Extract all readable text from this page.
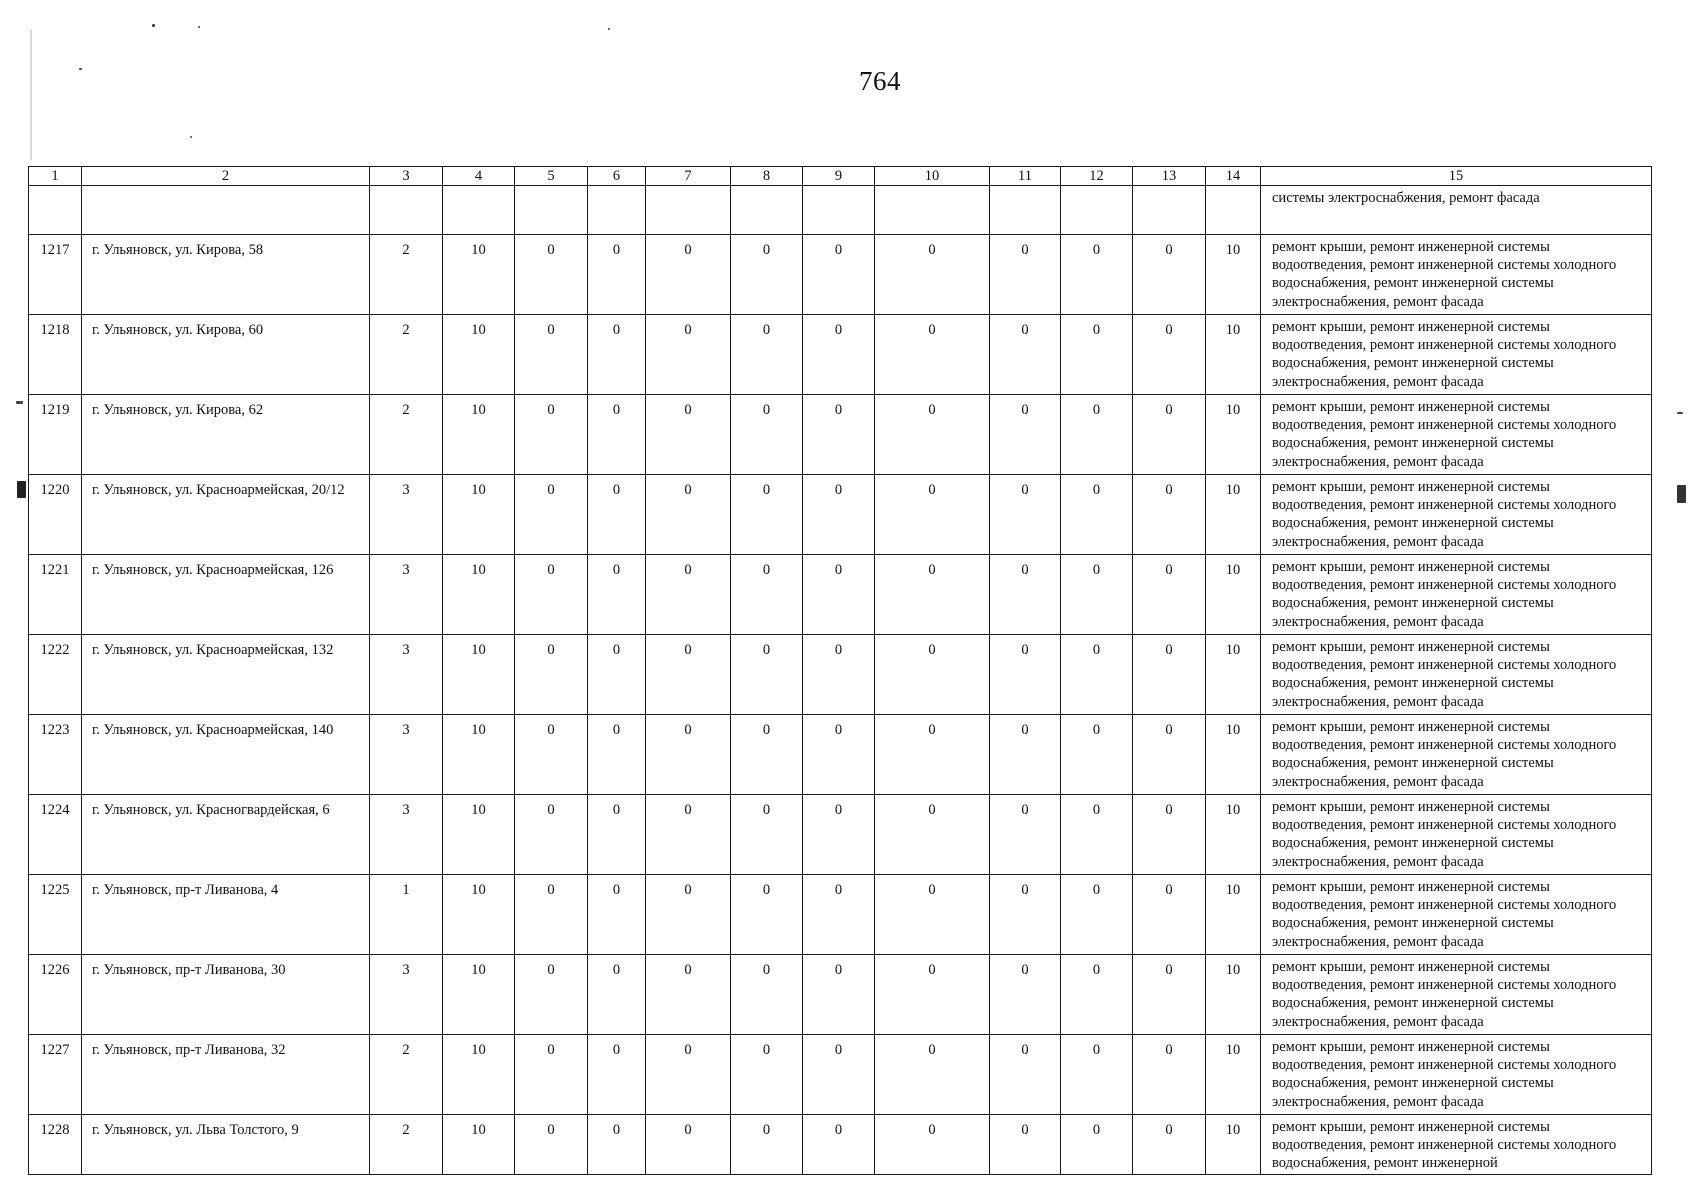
764
1	2	3	4	5	6	7	8	9	10	11	12	13	14	15
														системы электроснабжения, ремонт фасада
1217	г. Ульяновск, ул. Кирова, 58	2	10	0	0	0	0	0	0	0	0	0	10	ремонт крыши, ремонт инженерной системы водоотведения, ремонт инженерной системы холодного водоснабжения, ремонт инженерной системы электроснабжения, ремонт фасада
1218	г. Ульяновск, ул. Кирова, 60	2	10	0	0	0	0	0	0	0	0	0	10	ремонт крыши, ремонт инженерной системы водоотведения, ремонт инженерной системы холодного водоснабжения, ремонт инженерной системы электроснабжения, ремонт фасада
1219	г. Ульяновск, ул. Кирова, 62	2	10	0	0	0	0	0	0	0	0	0	10	ремонт крыши, ремонт инженерной системы водоотведения, ремонт инженерной системы холодного водоснабжения, ремонт инженерной системы электроснабжения, ремонт фасада
1220	г. Ульяновск, ул. Красноармейская, 20/12	3	10	0	0	0	0	0	0	0	0	0	10	ремонт крыши, ремонт инженерной системы водоотведения, ремонт инженерной системы холодного водоснабжения, ремонт инженерной системы электроснабжения, ремонт фасада
1221	г. Ульяновск, ул. Красноармейская, 126	3	10	0	0	0	0	0	0	0	0	0	10	ремонт крыши, ремонт инженерной системы водоотведения, ремонт инженерной системы холодного водоснабжения, ремонт инженерной системы электроснабжения, ремонт фасада
1222	г. Ульяновск, ул. Красноармейская, 132	3	10	0	0	0	0	0	0	0	0	0	10	ремонт крыши, ремонт инженерной системы водоотведения, ремонт инженерной системы холодного водоснабжения, ремонт инженерной системы электроснабжения, ремонт фасада
1223	г. Ульяновск, ул. Красноармейская, 140	3	10	0	0	0	0	0	0	0	0	0	10	ремонт крыши, ремонт инженерной системы водоотведения, ремонт инженерной системы холодного водоснабжения, ремонт инженерной системы электроснабжения, ремонт фасада
1224	г. Ульяновск, ул. Красногвардейская, 6	3	10	0	0	0	0	0	0	0	0	0	10	ремонт крыши, ремонт инженерной системы водоотведения, ремонт инженерной системы холодного водоснабжения, ремонт инженерной системы электроснабжения, ремонт фасада
1225	г. Ульяновск, пр-т Ливанова, 4	1	10	0	0	0	0	0	0	0	0	0	10	ремонт крыши, ремонт инженерной системы водоотведения, ремонт инженерной системы холодного водоснабжения, ремонт инженерной системы электроснабжения, ремонт фасада
1226	г. Ульяновск, пр-т Ливанова, 30	3	10	0	0	0	0	0	0	0	0	0	10	ремонт крыши, ремонт инженерной системы водоотведения, ремонт инженерной системы холодного водоснабжения, ремонт инженерной системы электроснабжения, ремонт фасада
1227	г. Ульяновск, пр-т Ливанова, 32	2	10	0	0	0	0	0	0	0	0	0	10	ремонт крыши, ремонт инженерной системы водоотведения, ремонт инженерной системы холодного водоснабжения, ремонт инженерной системы электроснабжения, ремонт фасада
1228	г. Ульяновск, ул. Льва Толстого, 9	2	10	0	0	0	0	0	0	0	0	0	10	ремонт крыши, ремонт инженерной системы водоотведения, ремонт инженерной системы холодного водоснабжения, ремонт инженерной
